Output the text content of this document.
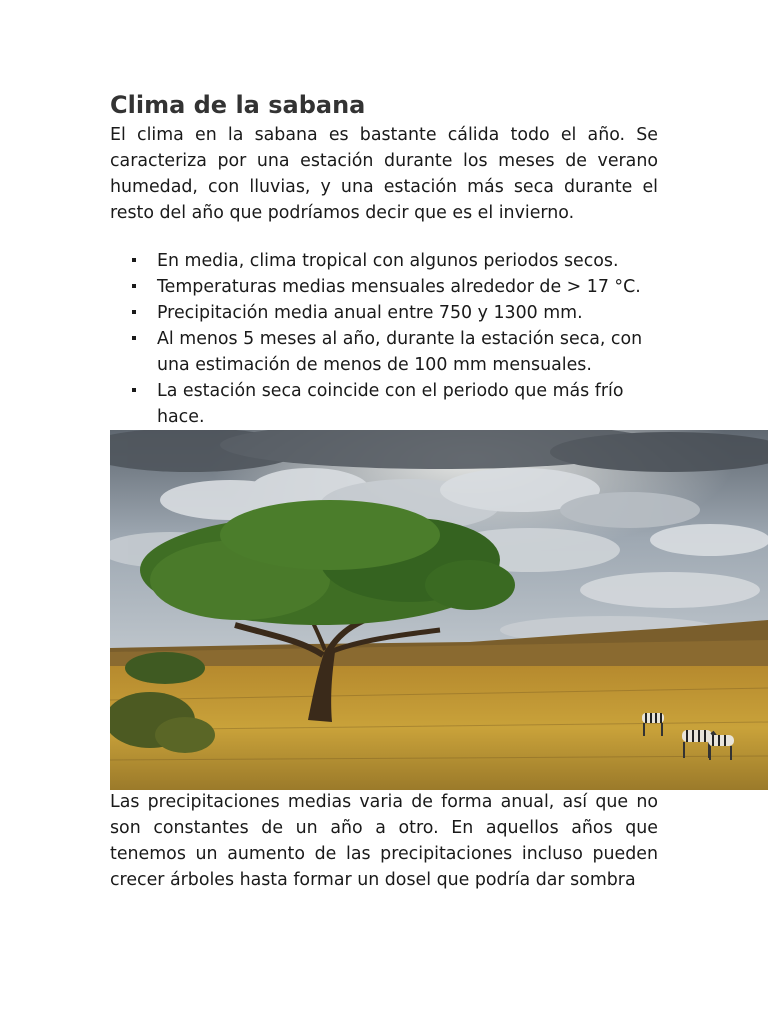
Clima de la sabana

El clima en la sabana es bastante cálida todo el año. Se caracteriza por una estación durante los meses de verano humedad, con lluvias, y una estación más seca durante el resto del año que podríamos decir que es el invierno.

En media, clima tropical con algunos periodos secos.
Temperaturas medias mensuales alrededor de > 17 °C.
Precipitación media anual entre 750 y 1300 mm.
Al menos 5 meses al año, durante la estación seca, con una estimación de menos de 100 mm mensuales.
La estación seca coincide con el periodo que más frío hace.

Las precipitaciones medias varia de forma anual, así que no son constantes de un año a otro. En aquellos años que tenemos un aumento de las precipitaciones incluso pueden crecer árboles hasta formar un dosel que podría dar sombra
